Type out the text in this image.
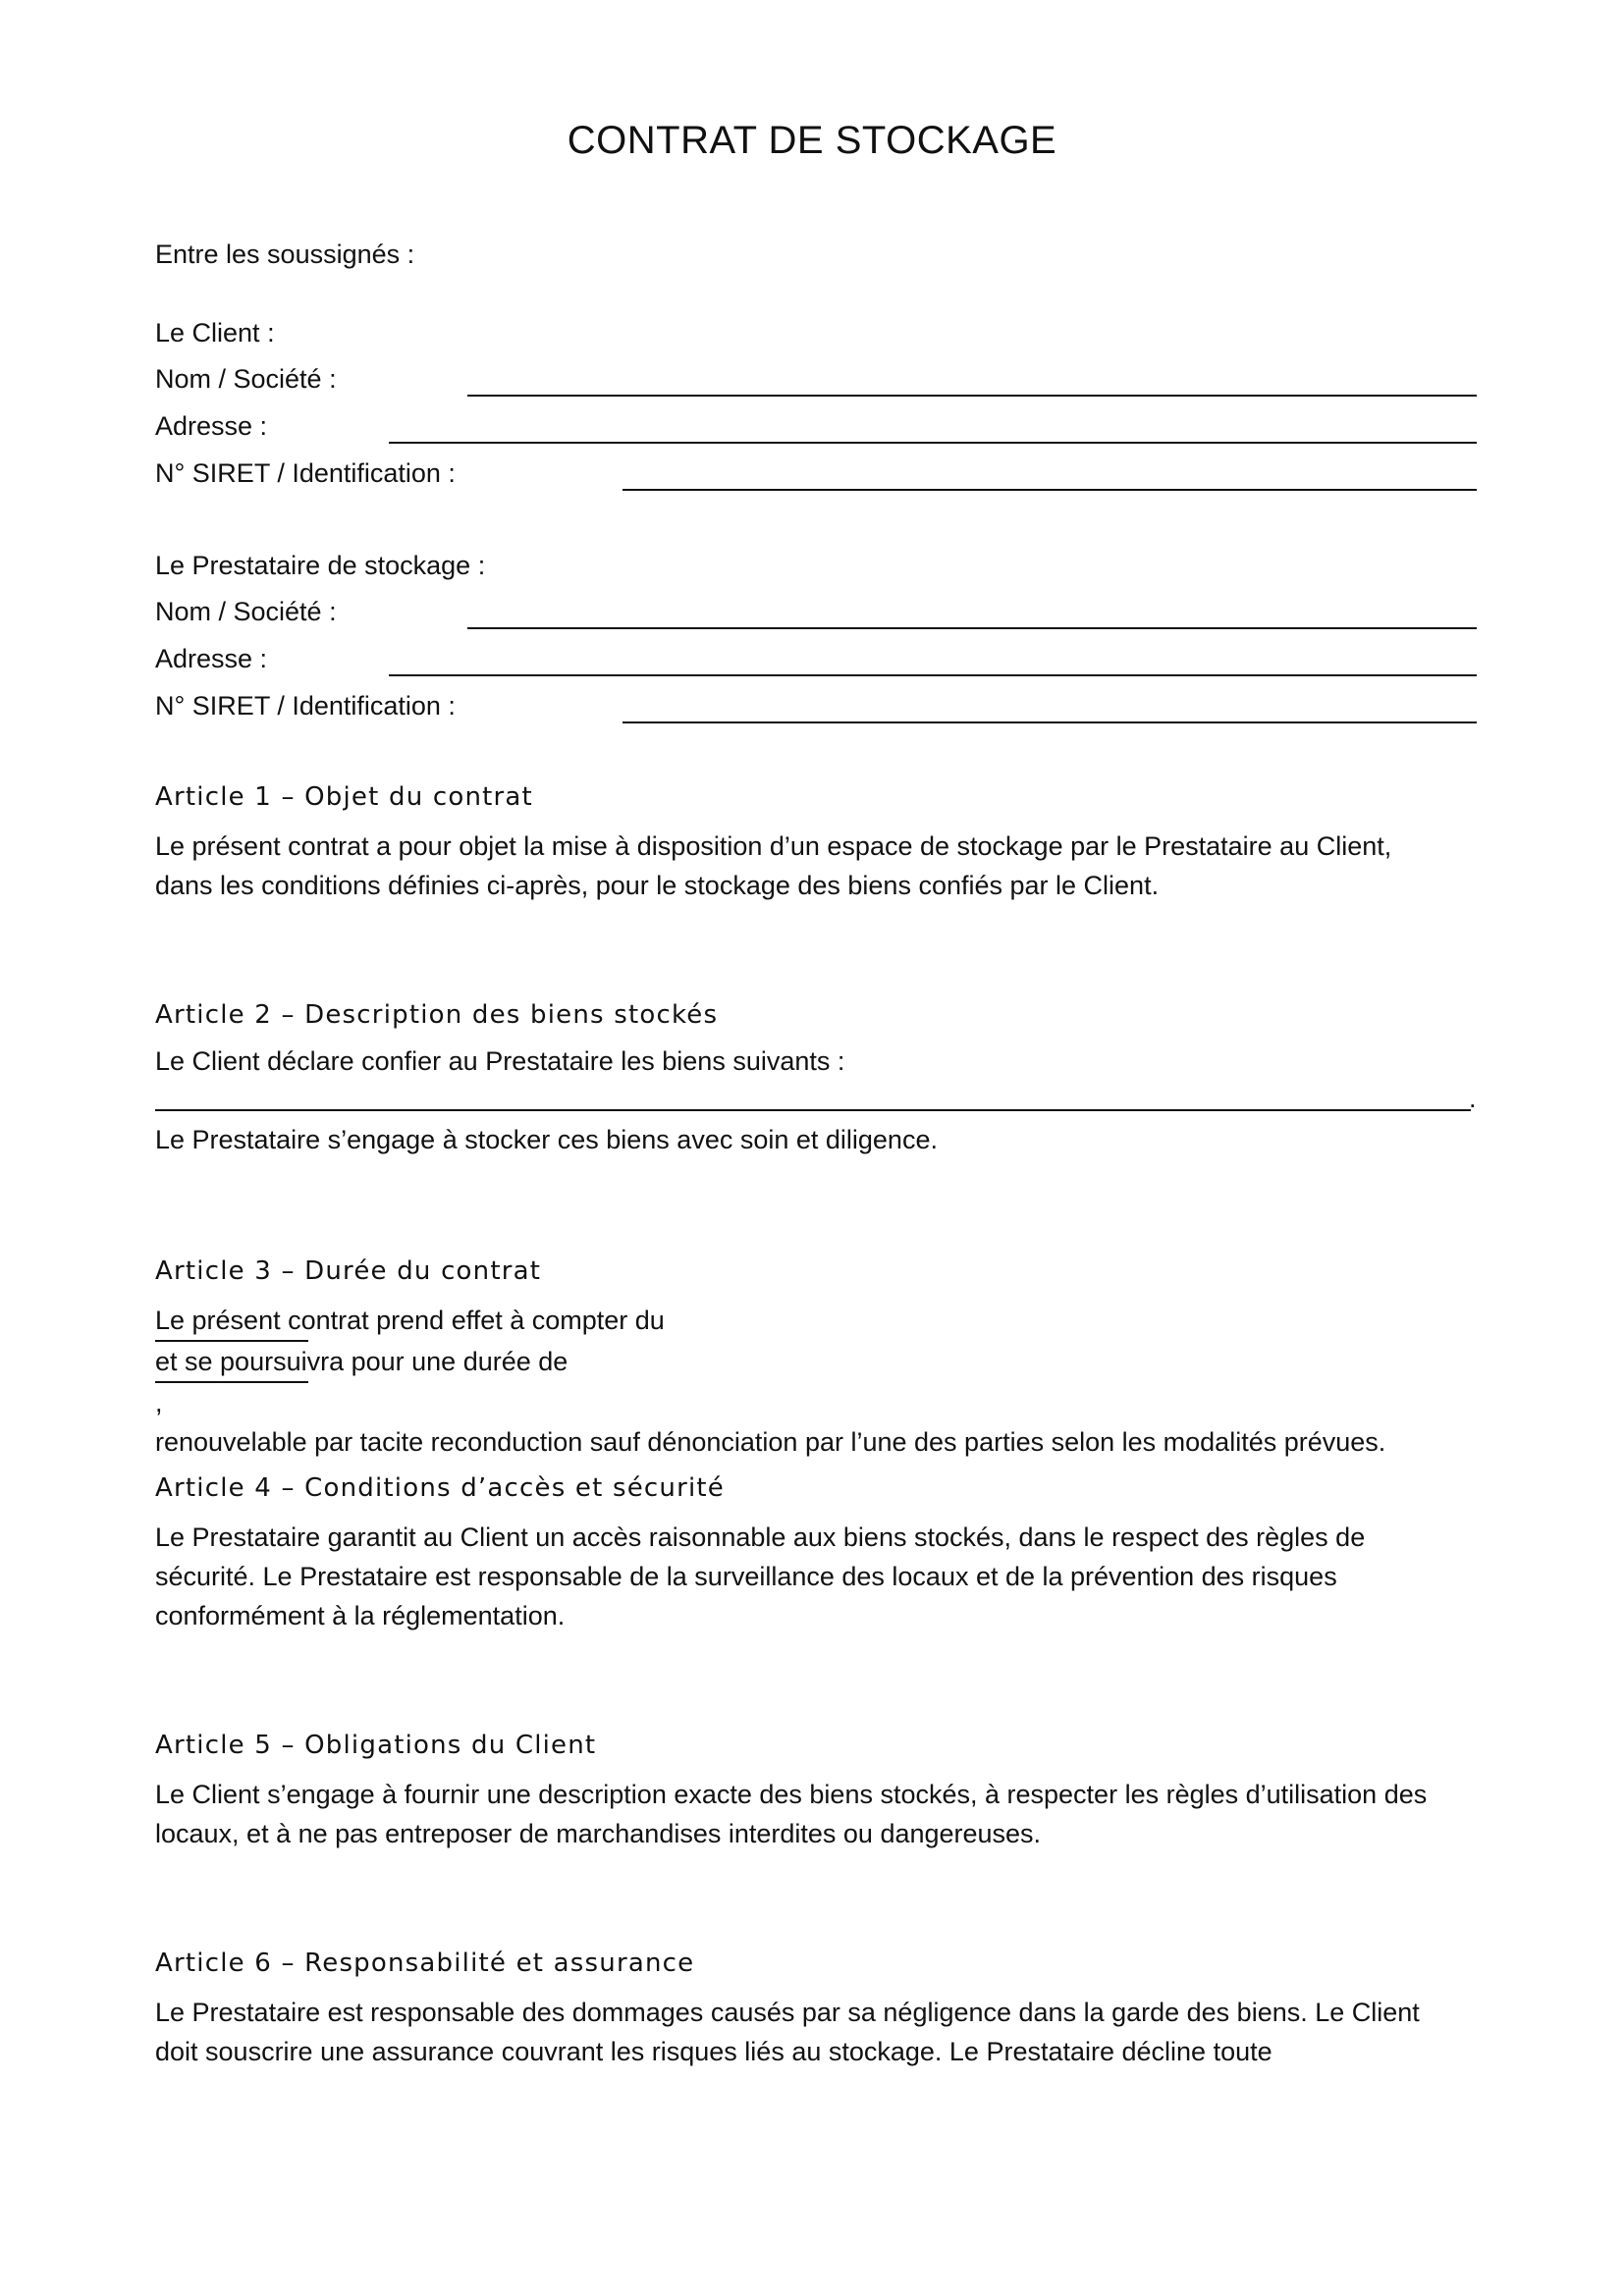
CONTRAT DE STOCKAGE
Entre les soussignés :
Le Client :
Nom / Société :
Adresse :
N° SIRET / Identification :
Le Prestataire de stockage :
Nom / Société :
Adresse :
N° SIRET / Identification :
Article 1 – Objet du contrat
Le présent contrat a pour objet la mise à disposition d’un espace de stockage par le Prestataire au Client,
dans les conditions définies ci-après, pour le stockage des biens confiés par le Client.
Article 2 – Description des biens stockés
Le Client déclare confier au Prestataire les biens suivants :
.
Le Prestataire s’engage à stocker ces biens avec soin et diligence.
Article 3 – Durée du contrat
Le présent contrat prend effet à compter du
et se poursuivra pour une durée de
,
renouvelable par tacite reconduction sauf dénonciation par l’une des parties selon les modalités prévues.
Article 4 – Conditions d’accès et sécurité
Le Prestataire garantit au Client un accès raisonnable aux biens stockés, dans le respect des règles de
sécurité. Le Prestataire est responsable de la surveillance des locaux et de la prévention des risques
conformément à la réglementation.
Article 5 – Obligations du Client
Le Client s’engage à fournir une description exacte des biens stockés, à respecter les règles d’utilisation des
locaux, et à ne pas entreposer de marchandises interdites ou dangereuses.
Article 6 – Responsabilité et assurance
Le Prestataire est responsable des dommages causés par sa négligence dans la garde des biens. Le Client
doit souscrire une assurance couvrant les risques liés au stockage. Le Prestataire décline toute
